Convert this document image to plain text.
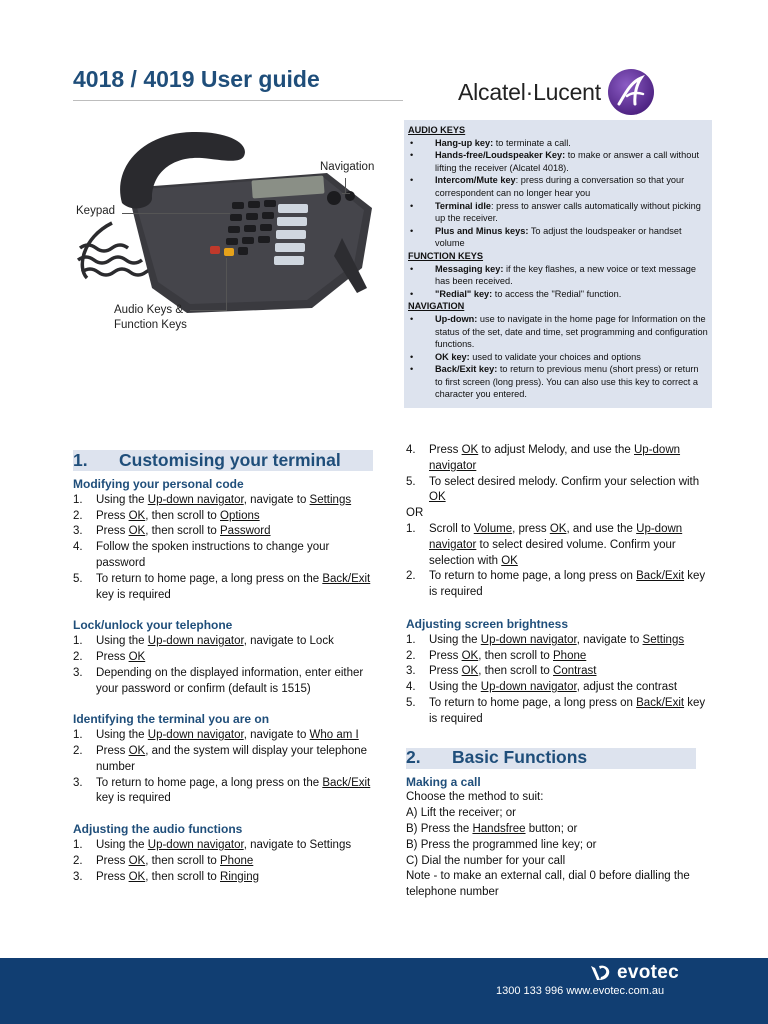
4018 / 4019 User guide	Alcatel·Lucent
Navigation
Keypad
Audio Keys &
Function Keys
AUDIO KEYS
• Hang-up key: to terminate a call.
• Hands-free/Loudspeaker Key: to make or answer a call without lifting the receiver (Alcatel 4018).
• Intercom/Mute key: press during a conversation so that your correspondent can no longer hear you
• Terminal idle: press to answer calls automatically without picking up the receiver.
• Plus and Minus keys: To adjust the loudspeaker or handset volume
FUNCTION KEYS
• Messaging key: if the key flashes, a new voice or text message has been received.
• "Redial" key: to access the "Redial" function.
NAVIGATION
• Up-down: use to navigate in the home page for Information on the status of the set, date and time, set programming and configuration functions.
• OK key: used to validate your choices and options
• Back/Exit key: to return to previous menu (short press) or return to first screen (long press). You can also use this key to correct a character you entered.
1.	Customising your terminal
Modifying your personal code
1. Using the Up-down navigator, navigate to Settings
2. Press OK, then scroll to Options
3. Press OK, then scroll to Password
4. Follow the spoken instructions to change your password
5. To return to home page, a long press on the Back/Exit key is required
Lock/unlock your telephone
1. Using the Up-down navigator, navigate to Lock
2. Press OK
3. Depending on the displayed information, enter either your password or confirm (default is 1515)
Identifying the terminal you are on
1. Using the Up-down navigator, navigate to Who am I
2. Press OK, and the system will display your telephone number
3. To return to home page, a long press on the Back/Exit key is required
Adjusting the audio functions
1. Using the Up-down navigator, navigate to Settings
2. Press OK, then scroll to Phone
3. Press OK, then scroll to Ringing
4. Press OK to adjust Melody, and use the Up-down navigator
5. To select desired melody. Confirm your selection with OK
OR
1. Scroll to Volume, press OK, and use the Up-down navigator to select desired volume. Confirm your selection with OK
2. To return to home page, a long press on Back/Exit key is required
Adjusting screen brightness
1. Using the Up-down navigator, navigate to Settings
2. Press OK, then scroll to Phone
3. Press OK, then scroll to Contrast
4. Using the Up-down navigator, adjust the contrast
5. To return to home page, a long press on Back/Exit key is required
2.	Basic Functions
Making a call
Choose the method to suit:
A) Lift the receiver; or
B) Press the Handsfree button; or
B) Press the programmed line key; or
C) Dial the number for your call
Note - to make an external call, dial 0 before dialling the telephone number
evotec
1300 133 996 www.evotec.com.au
